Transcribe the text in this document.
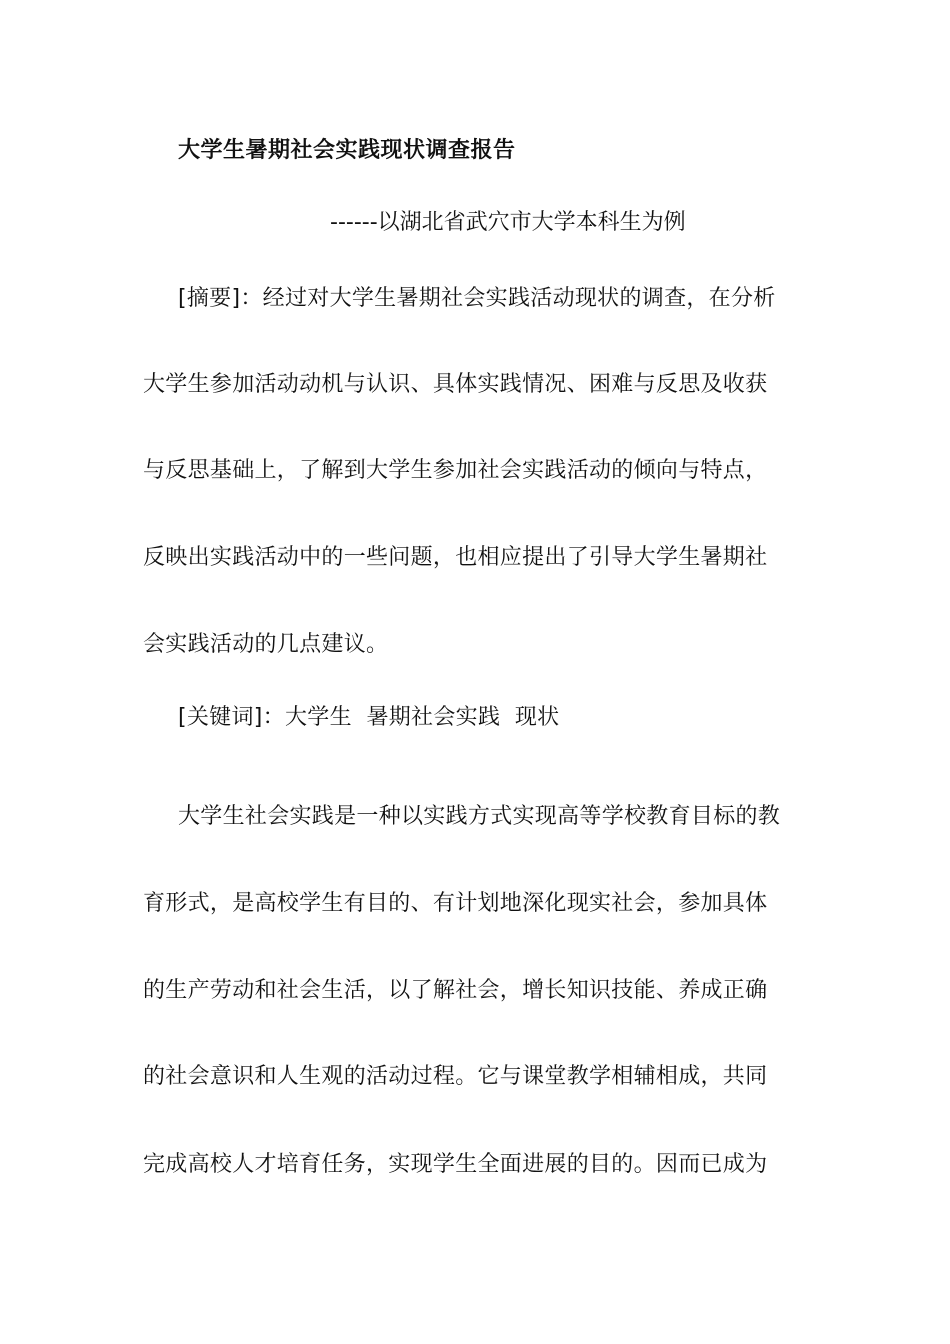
大学生暑期社会实践现状调查报告
------以湖北省武穴市大学本科生为例
[摘要]：经过对大学生暑期社会实践活动现状的调查，在分析
大学生参加活动动机与认识、具体实践情况、困难与反思及收获
与反思基础上，了解到大学生参加社会实践活动的倾向与特点，
反映出实践活动中的一些问题，也相应提出了引导大学生暑期社
会实践活动的几点建议。
[关键词]：大学生  暑期社会实践  现状
大学生社会实践是一种以实践方式实现高等学校教育目标的教
育形式，是高校学生有目的、有计划地深化现实社会，参加具体
的生产劳动和社会生活，以了解社会，增长知识技能、养成正确
的社会意识和人生观的活动过程。它与课堂教学相辅相成，共同
完成高校人才培育任务，实现学生全面进展的目的。因而已成为
